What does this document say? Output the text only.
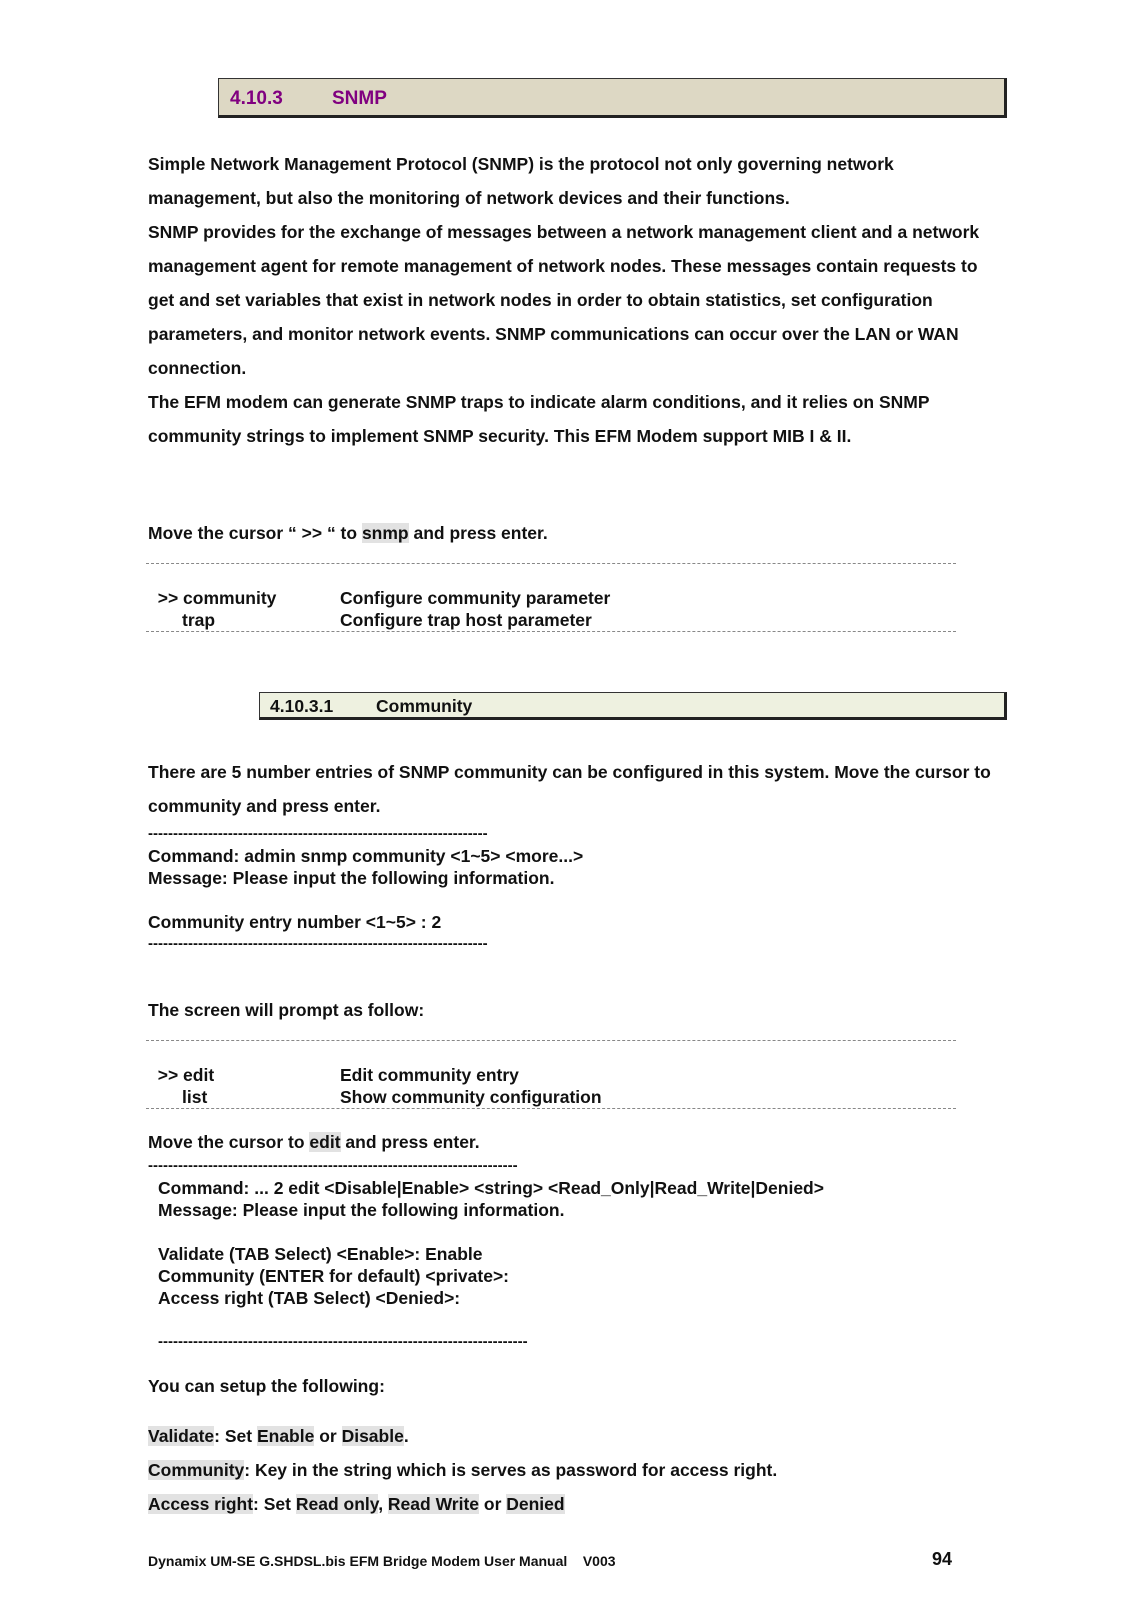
4.10.3	SNMP
Simple Network Management Protocol (SNMP) is the protocol not only governing network management, but also the monitoring of network devices and their functions.
SNMP provides for the exchange of messages between a network management client and a network management agent for remote management of network nodes. These messages contain requests to get and set variables that exist in network nodes in order to obtain statistics, set configuration parameters, and monitor network events. SNMP communications can occur over the LAN or WAN connection.
The EFM modem can generate SNMP traps to indicate alarm conditions, and it relies on SNMP community strings to implement SNMP security. This EFM Modem support MIB I & II.
Move the cursor “ >> “ to snmp and press enter.

>> community	Configure community parameter

trap	Configure trap host parameter

4.10.3.1 Community
There are 5 number entries of SNMP community can be configured in this system. Move the cursor to community and press enter.
--------------------------------------------------------------------
Command: admin snmp community <1~5> <more...>
Message: Please input the following information.
Community entry number <1~5> : 2
--------------------------------------------------------------------
The screen will prompt as follow:

>> edit	Edit community entry

list	Show community configuration

Move the cursor to edit and press enter.
--------------------------------------------------------------------------
Command: ... 2 edit <Disable|Enable> <string> <Read_Only|Read_Write|Denied>
Message: Please input the following information.
Validate (TAB Select) <Enable>: Enable
Community (ENTER for default) <private>:
Access right (TAB Select) <Denied>:
--------------------------------------------------------------------------
You can setup the following:
Validate: Set Enable or Disable.
Community: Key in the string which is serves as password for access right.
Access right: Set Read only, Read Write or Denied
Dynamix UM-SE G.SHDSL.bis EFM Bridge Modem User Manual    V003	94
